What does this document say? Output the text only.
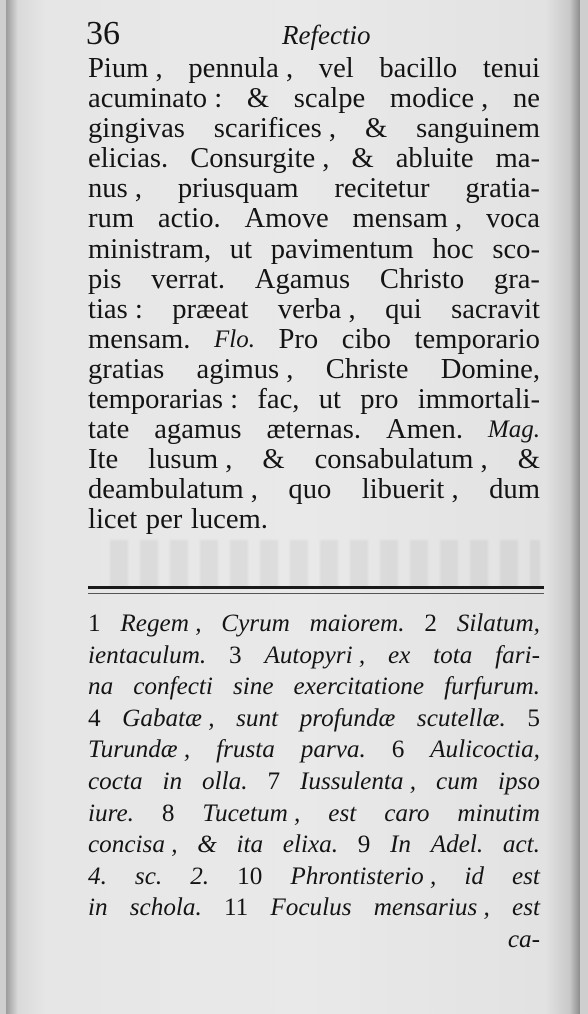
36	Refectio
Pium , pennula , vel bacillo tenui
acuminato : & scalpe modice , ne
gingivas scarifices , & sanguinem
elicias. Consurgite , & abluite ma-
nus , priusquam recitetur gratia-
rum actio. Amove mensam , voca
ministram, ut pavimentum hoc sco-
pis verrat. Agamus Christo gra-
tias : præeat verba , qui sacravit
mensam. Flo. Pro cibo temporario
gratias agimus , Christe Domine,
temporarias : fac, ut pro immortali-
tate agamus æternas. Amen. Mag.
Ite lusum , & consabulatum , &
deambulatum , quo libuerit , dum
licet per lucem.
1 Regem , Cyrum maiorem. 2 Silatum,
ientaculum. 3 Autopyri , ex tota fari-
na confecti sine exercitatione furfurum.
4 Gabatæ , sunt profundæ scutellæ. 5
Turundæ , frusta parva. 6 Aulicoctia,
cocta in olla. 7 Iussulenta , cum ipso
iure. 8 Tucetum , est caro minutim
concisa , & ita elixa. 9 In Adel. act.
4. sc. 2. 10 Phrontisterio , id est
in schola. 11 Foculus mensarius , est
ca-
